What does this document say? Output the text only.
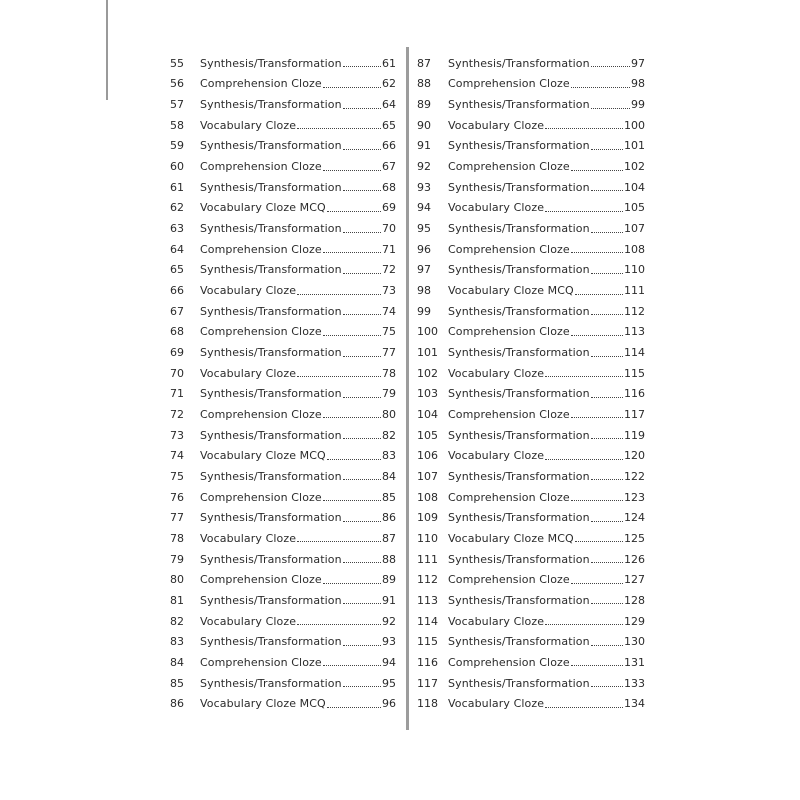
55	Synthesis/Transformation	61
56	Comprehension Cloze	62
57	Synthesis/Transformation	64
58	Vocabulary Cloze	65
59	Synthesis/Transformation	66
60	Comprehension Cloze	67
61	Synthesis/Transformation	68
62	Vocabulary Cloze MCQ	69
63	Synthesis/Transformation	70
64	Comprehension Cloze	71
65	Synthesis/Transformation	72
66	Vocabulary Cloze	73
67	Synthesis/Transformation	74
68	Comprehension Cloze	75
69	Synthesis/Transformation	77
70	Vocabulary Cloze	78
71	Synthesis/Transformation	79
72	Comprehension Cloze	80
73	Synthesis/Transformation	82
74	Vocabulary Cloze MCQ	83
75	Synthesis/Transformation	84
76	Comprehension Cloze	85
77	Synthesis/Transformation	86
78	Vocabulary Cloze	87
79	Synthesis/Transformation	88
80	Comprehension Cloze	89
81	Synthesis/Transformation	91
82	Vocabulary Cloze	92
83	Synthesis/Transformation	93
84	Comprehension Cloze	94
85	Synthesis/Transformation	95
86	Vocabulary Cloze MCQ	96
87	Synthesis/Transformation	97
88	Comprehension Cloze	98
89	Synthesis/Transformation	99
90	Vocabulary Cloze	100
91	Synthesis/Transformation	101
92	Comprehension Cloze	102
93	Synthesis/Transformation	104
94	Vocabulary Cloze	105
95	Synthesis/Transformation	107
96	Comprehension Cloze	108
97	Synthesis/Transformation	110
98	Vocabulary Cloze MCQ	111
99	Synthesis/Transformation	112
100 Comprehension Cloze	113
101 Synthesis/Transformation	114
102 Vocabulary Cloze	115
103 Synthesis/Transformation	116
104 Comprehension Cloze	117
105 Synthesis/Transformation	119
106 Vocabulary Cloze	120
107 Synthesis/Transformation	122
108 Comprehension Cloze	123
109 Synthesis/Transformation	124
110 Vocabulary Cloze MCQ	125
111 Synthesis/Transformation	126
112 Comprehension Cloze	127
113 Synthesis/Transformation	128
114 Vocabulary Cloze	129
115 Synthesis/Transformation	130
116 Comprehension Cloze	131
117 Synthesis/Transformation	133
118 Vocabulary Cloze	134
